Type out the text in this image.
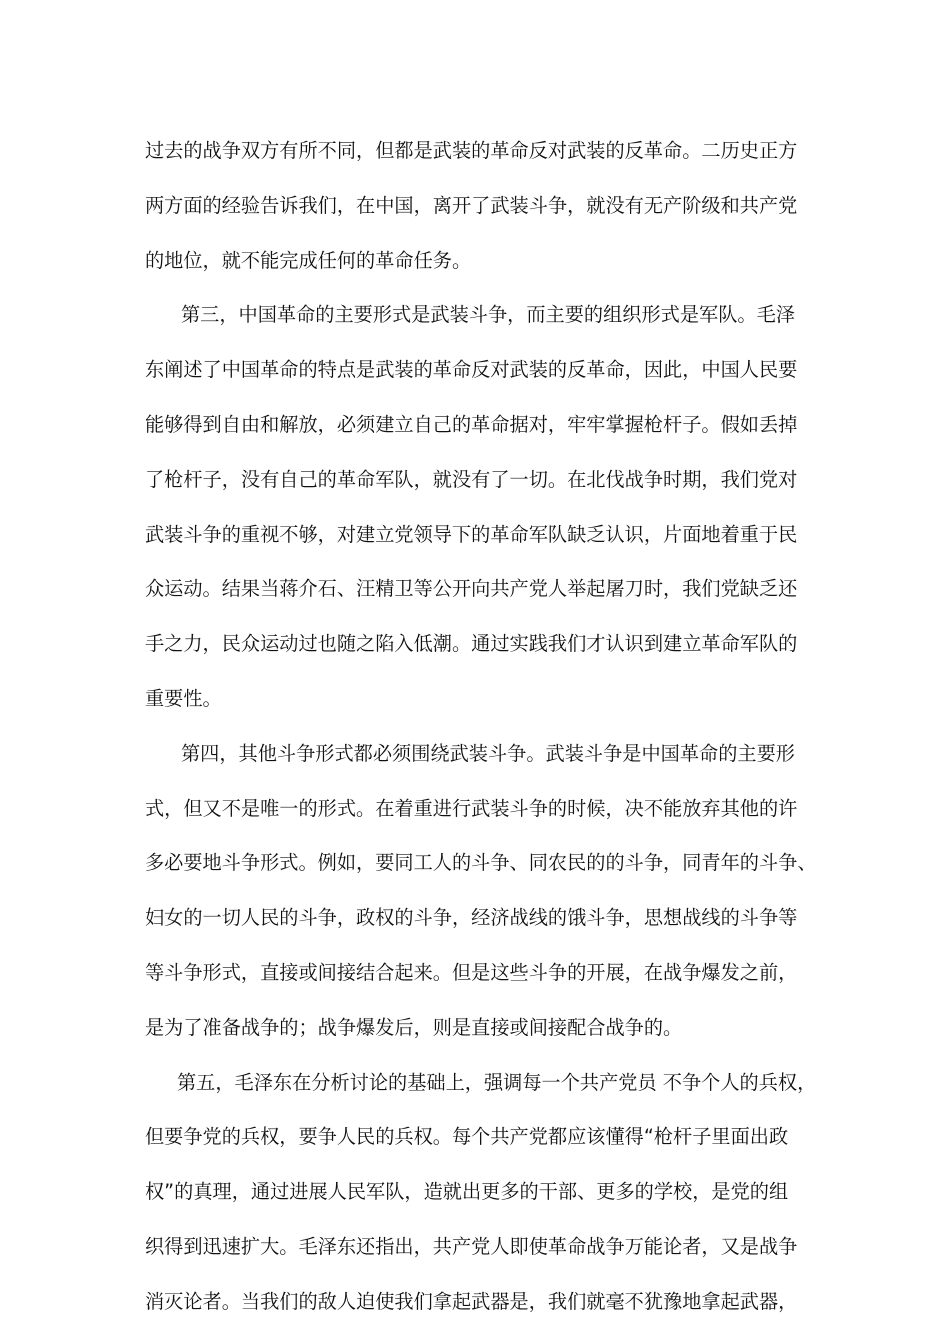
过去的战争双方有所不同，但都是武装的革命反对武装的反革命。二历史正方
两方面的经验告诉我们，在中国，离开了武装斗争，就没有无产阶级和共产党
的地位，就不能完成任何的革命任务。
第三，中国革命的主要形式是武装斗争，而主要的组织形式是军队。毛泽
东阐述了中国革命的特点是武装的革命反对武装的反革命，因此，中国人民要
能够得到自由和解放，必须建立自己的革命据对，牢牢掌握枪杆子。假如丢掉
了枪杆子，没有自己的革命军队，就没有了一切。在北伐战争时期，我们党对
武装斗争的重视不够，对建立党领导下的革命军队缺乏认识，片面地着重于民
众运动。结果当蒋介石、汪精卫等公开向共产党人举起屠刀时，我们党缺乏还
手之力，民众运动过也随之陷入低潮。通过实践我们才认识到建立革命军队的
重要性。
第四，其他斗争形式都必须围绕武装斗争。武装斗争是中国革命的主要形
式，但又不是唯一的形式。在着重进行武装斗争的时候，决不能放弃其他的许
多必要地斗争形式。例如，要同工人的斗争、同农民的的斗争，同青年的斗争、
妇女的一切人民的斗争，政权的斗争，经济战线的饿斗争，思想战线的斗争等
等斗争形式，直接或间接结合起来。但是这些斗争的开展，在战争爆发之前，
是为了准备战争的；战争爆发后，则是直接或间接配合战争的。
第五，毛泽东在分析讨论的基础上，强调每一个共产党员 不争个人的兵权，
但要争党的兵权，要争人民的兵权。每个共产党都应该懂得“枪杆子里面出政
权”的真理，通过进展人民军队，造就出更多的干部、更多的学校，是党的组
织得到迅速扩大。毛泽东还指出，共产党人即使革命战争万能论者，又是战争
消灭论者。当我们的敌人迫使我们拿起武器是，我们就毫不犹豫地拿起武器，
